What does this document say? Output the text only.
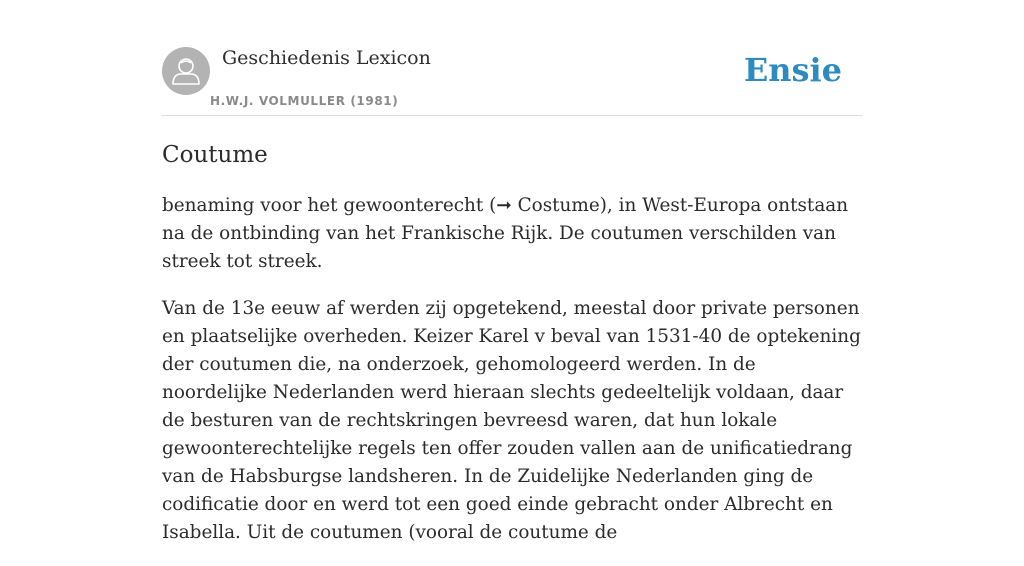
Geschiedenis Lexicon
H.W.J. VOLMULLER (1981)
Ensie
Coutume

benaming voor het gewoonterecht (➞ Costume), in West-Europa ontstaan na de ontbinding van het Frankische Rijk. De coutumen verschilden van streek tot streek.

Van de 13e eeuw af werden zij opgetekend, meestal door private personen en plaatselijke overheden. Keizer Karel v beval van 1531-40 de optekening der coutumen die, na onderzoek, gehomologeerd werden. In de noordelijke Nederlanden werd hieraan slechts gedeeltelijk voldaan, daar de besturen van de rechtskringen bevreesd waren, dat hun lokale gewoonterechtelijke regels ten offer zouden vallen aan de unificatiedrang van de Habsburgse landsheren. In de Zuidelijke Nederlanden ging de codificatie door en werd tot een goed einde gebracht onder Albrecht en Isabella. Uit de coutumen (vooral de coutume de
